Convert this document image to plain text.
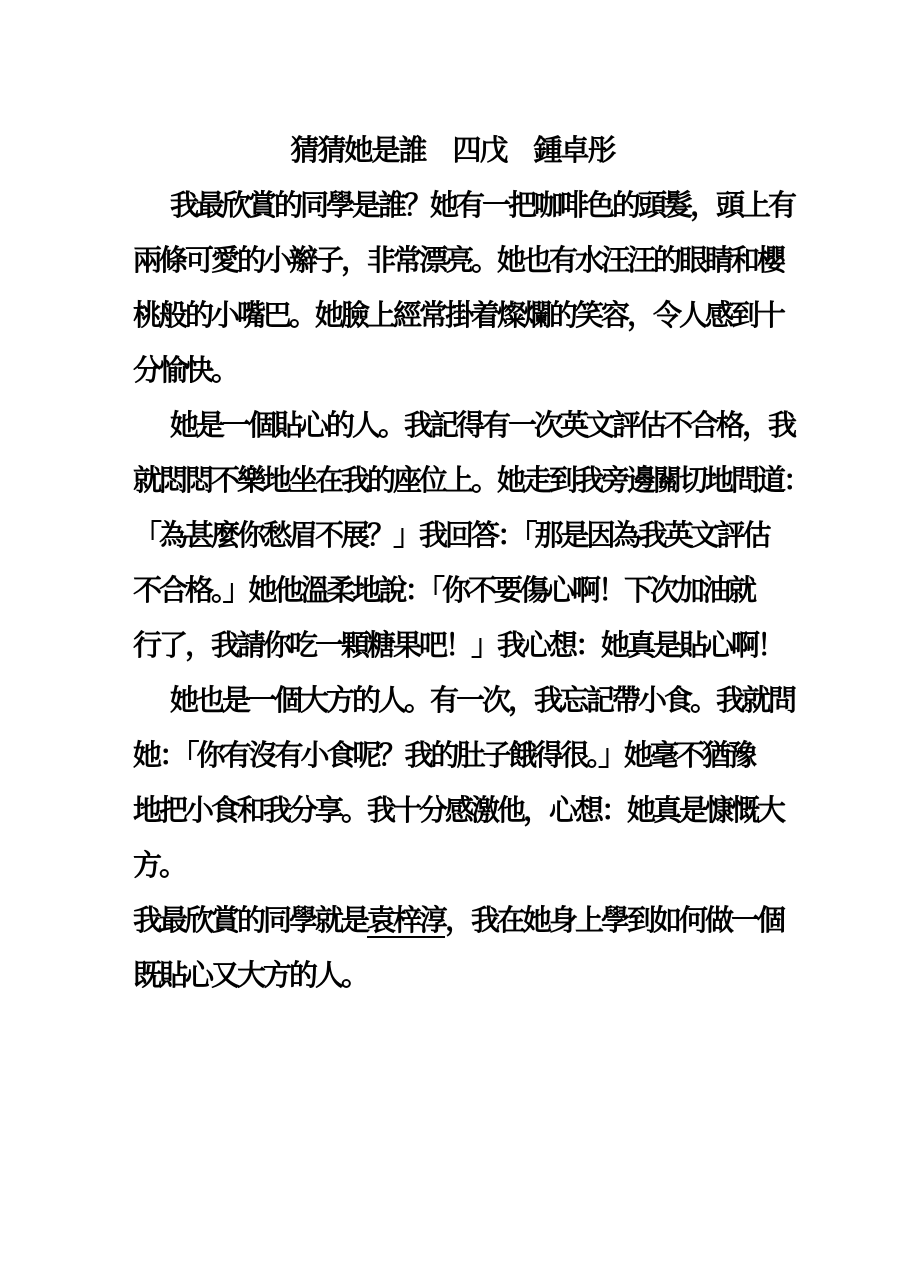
猜猜她是誰　四戊　鍾卓彤
我最欣賞的同學是誰？她有一把咖啡色的頭髮，頭上有
兩條可愛的小辮子，非常漂亮。她也有水汪汪的眼睛和櫻
桃般的小嘴巴。她臉上經常掛着燦爛的笑容，令人感到十
分愉快。
她是一個貼心的人。我記得有一次英文評估不合格，我
就悶悶不樂地坐在我的座位上。她走到我旁邊關切地問道：
「為甚麼你愁眉不展？」我回答：「那是因為我英文評估
不合格。」她他溫柔地說：「你不要傷心啊！下次加油就
行了，我請你吃一顆糖果吧！」我心想：她真是貼心啊！
她也是一個大方的人。有一次，我忘記帶小食。我就問
她：「你有沒有小食呢？我的肚子餓得很。」她毫不猶豫
地把小食和我分享。我十分感激他，心想：她真是慷慨大
方。
我最欣賞的同學就是袁梓淳，我在她身上學到如何做一個
既貼心又大方的人。
